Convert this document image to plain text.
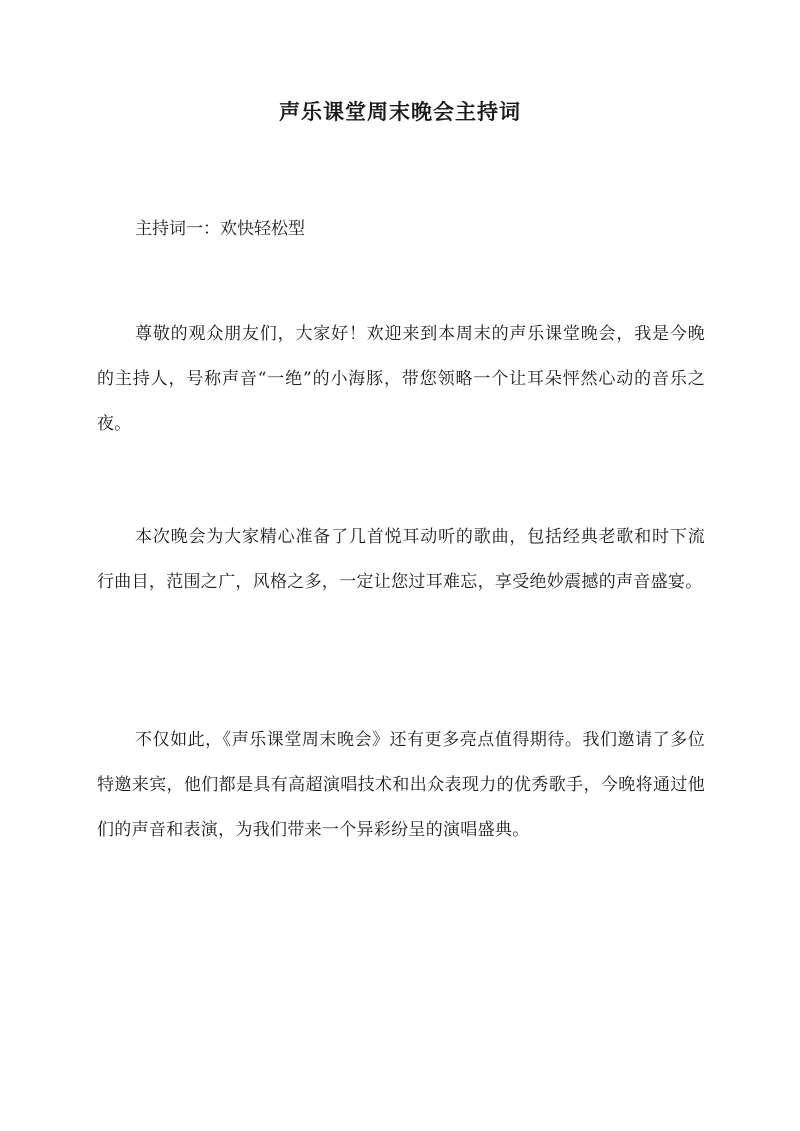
声乐课堂周末晚会主持词
主持词一：欢快轻松型
尊敬的观众朋友们，大家好！欢迎来到本周末的声乐课堂晚会，我是今晚的主持人，号称声音“一绝”的小海豚，带您领略一个让耳朵怦然心动的音乐之夜。
本次晚会为大家精心准备了几首悦耳动听的歌曲，包括经典老歌和时下流行曲目，范围之广，风格之多，一定让您过耳难忘，享受绝妙震撼的声音盛宴。
不仅如此，《声乐课堂周末晚会》还有更多亮点值得期待。我们邀请了多位特邀来宾，他们都是具有高超演唱技术和出众表现力的优秀歌手，今晚将通过他们的声音和表演，为我们带来一个异彩纷呈的演唱盛典。
